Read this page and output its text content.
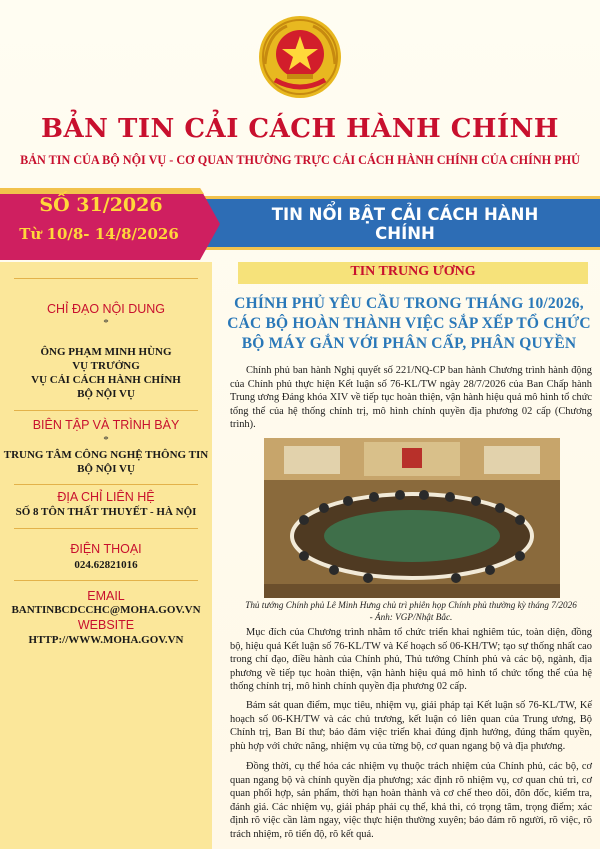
BẢN TIN CẢI CÁCH HÀNH CHÍNH
BẢN TIN CỦA BỘ NỘI VỤ - CƠ QUAN THƯỜNG TRỰC CẢI CÁCH HÀNH CHÍNH CỦA CHÍNH PHỦ
SỐ 31/2026
Từ 10/8- 14/8/2026
TIN NỔI BẬT CẢI CÁCH HÀNH CHÍNH
CHỈ ĐẠO NỘI DUNG
*
ÔNG PHẠM MINH HÙNG
VỤ TRƯỞNG
VỤ CẢI CÁCH HÀNH CHÍNH
BỘ NỘI VỤ
BIÊN TẬP VÀ TRÌNH BÀY
*
TRUNG TÂM CÔNG NGHỆ THÔNG TIN
BỘ NỘI VỤ
ĐỊA CHỈ LIÊN HỆ
SỐ 8 TÔN THẤT THUYẾT - HÀ NỘI
ĐIỆN THOẠI
024.62821016
EMAIL
BANTINBCDCCHC@MOHA.GOV.VN
WEBSITE
HTTP://WWW.MOHA.GOV.VN
TIN TRUNG ƯƠNG
CHÍNH PHỦ YÊU CẦU TRONG THÁNG 10/2026,
CÁC BỘ HOÀN THÀNH VIỆC SẮP XẾP TỔ CHỨC
BỘ MÁY GẮN VỚI PHÂN CẤP, PHÂN QUYỀN
Chính phủ ban hành Nghị quyết số 221/NQ-CP ban hành Chương trình hành động của Chính phủ thực hiện Kết luận số 76-KL/TW ngày 28/7/2026 của Ban Chấp hành Trung ương Đảng khóa XIV về tiếp tục hoàn thiện, vận hành hiệu quả mô hình tổ chức tổng thể của hệ thống chính trị, mô hình chính quyền địa phương 02 cấp (Chương trình).
Thủ tướng Chính phủ Lê Minh Hưng chủ trì phiên họp Chính phủ thường kỳ tháng 7/2026
- Ảnh: VGP/Nhật Bắc.
Mục đích của Chương trình nhằm tổ chức triển khai nghiêm túc, toàn diện, đồng bộ, hiệu quả Kết luận số 76-KL/TW và Kế hoạch số 06-KH/TW; tạo sự thống nhất cao trong chỉ đạo, điều hành của Chính phủ, Thủ tướng Chính phủ và các bộ, ngành, địa phương về tiếp tục hoàn thiện, vận hành hiệu quả mô hình tổ chức tổng thể của hệ thống chính trị, mô hình chính quyền địa phương 02 cấp.
Bám sát quan điểm, mục tiêu, nhiệm vụ, giải pháp tại Kết luận số 76-KL/TW, Kế hoạch số 06-KH/TW và các chủ trương, kết luận có liên quan của Trung ương, Bộ Chính trị, Ban Bí thư; bảo đảm việc triển khai đúng định hướng, đúng thẩm quyền, phù hợp với chức năng, nhiệm vụ của từng bộ, cơ quan ngang bộ và địa phương.
Đồng thời, cụ thể hóa các nhiệm vụ thuộc trách nhiệm của Chính phủ, các bộ, cơ quan ngang bộ và chính quyền địa phương; xác định rõ nhiệm vụ, cơ quan chủ trì, cơ quan phối hợp, sản phẩm, thời hạn hoàn thành và cơ chế theo dõi, đôn đốc, kiểm tra, đánh giá. Các nhiệm vụ, giải pháp phải cụ thể, khả thi, có trọng tâm, trọng điểm; xác định rõ việc cần làm ngay, việc thực hiện thường xuyên; bảo đảm rõ người, rõ việc, rõ trách nhiệm, rõ tiến độ, rõ kết quả.
